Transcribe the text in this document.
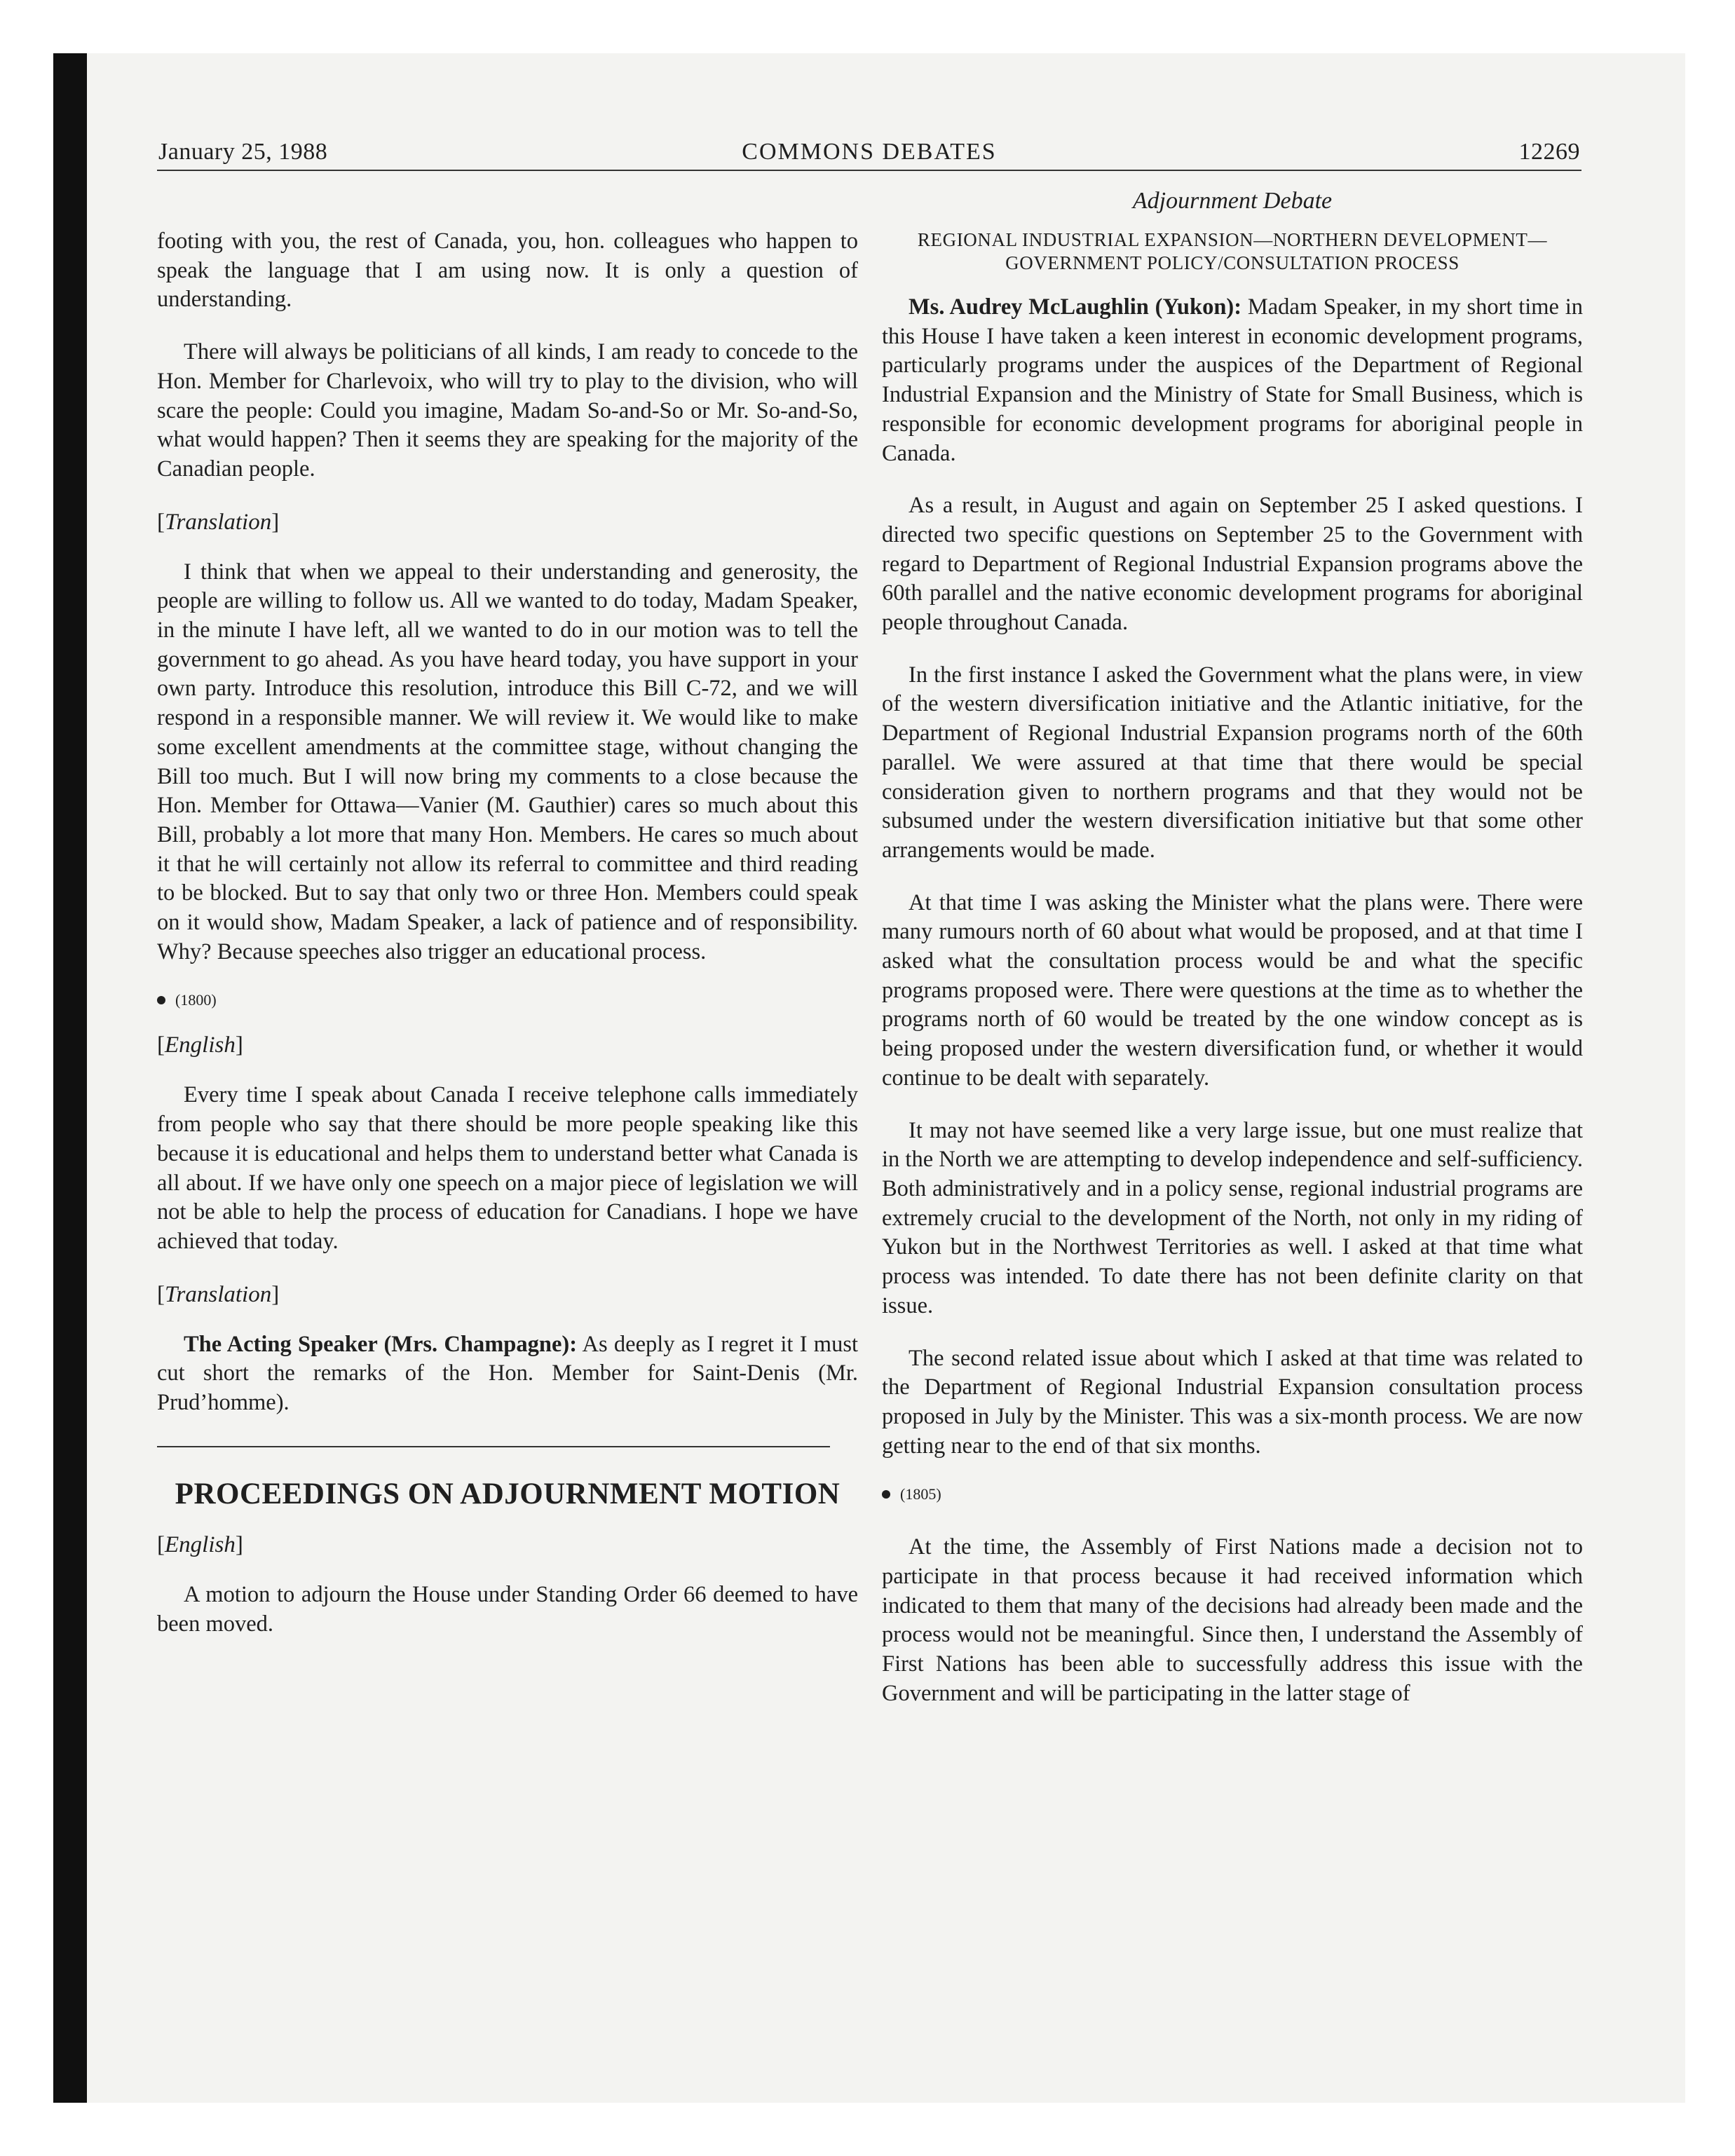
January 25, 1988	COMMONS DEBATES	12269

footing with you, the rest of Canada, you, hon. colleagues who happen to speak the language that I am using now. It is only a question of understanding.

There will always be politicians of all kinds, I am ready to concede to the Hon. Member for Charlevoix, who will try to play to the division, who will scare the people: Could you imagine, Madam So-and-So or Mr. So-and-So, what would happen? Then it seems they are speaking for the majority of the Canadian people.

[Translation]

I think that when we appeal to their understanding and generosity, the people are willing to follow us. All we wanted to do today, Madam Speaker, in the minute I have left, all we wanted to do in our motion was to tell the government to go ahead. As you have heard today, you have support in your own party. Introduce this resolution, introduce this Bill C-72, and we will respond in a responsible manner. We will review it. We would like to make some excellent amendments at the committee stage, without changing the Bill too much. But I will now bring my comments to a close because the Hon. Member for Ottawa—Vanier (M. Gauthier) cares so much about this Bill, probably a lot more that many Hon. Members. He cares so much about it that he will certainly not allow its referral to committee and third reading to be blocked. But to say that only two or three Hon. Members could speak on it would show, Madam Speaker, a lack of patience and of responsibility. Why? Because speeches also trigger an educational process.

(1800)
[English]

Every time I speak about Canada I receive telephone calls immediately from people who say that there should be more people speaking like this because it is educational and helps them to understand better what Canada is all about. If we have only one speech on a major piece of legislation we will not be able to help the process of education for Canadians. I hope we have achieved that today.

[Translation]

The Acting Speaker (Mrs. Champagne): As deeply as I regret it I must cut short the remarks of the Hon. Member for Saint-Denis (Mr. Prud’homme).

PROCEEDINGS ON ADJOURNMENT MOTION
[English]

A motion to adjourn the House under Standing Order 66 deemed to have been moved.

Adjournment Debate
REGIONAL INDUSTRIAL EXPANSION—NORTHERN DEVELOPMENT—GOVERNMENT POLICY/CONSULTATION PROCESS

Ms. Audrey McLaughlin (Yukon): Madam Speaker, in my short time in this House I have taken a keen interest in economic development programs, particularly programs under the auspices of the Department of Regional Industrial Expansion and the Ministry of State for Small Business, which is responsible for economic development programs for aboriginal people in Canada.

As a result, in August and again on September 25 I asked questions. I directed two specific questions on September 25 to the Government with regard to Department of Regional Industrial Expansion programs above the 60th parallel and the native economic development programs for aboriginal people throughout Canada.

In the first instance I asked the Government what the plans were, in view of the western diversification initiative and the Atlantic initiative, for the Department of Regional Industrial Expansion programs north of the 60th parallel. We were assured at that time that there would be special consideration given to northern programs and that they would not be subsumed under the western diversification initiative but that some other arrangements would be made.

At that time I was asking the Minister what the plans were. There were many rumours north of 60 about what would be proposed, and at that time I asked what the consultation process would be and what the specific programs proposed were. There were questions at the time as to whether the programs north of 60 would be treated by the one window concept as is being proposed under the western diversification fund, or whether it would continue to be dealt with separately.

It may not have seemed like a very large issue, but one must realize that in the North we are attempting to develop independence and self-sufficiency. Both administratively and in a policy sense, regional industrial programs are extremely crucial to the development of the North, not only in my riding of Yukon but in the Northwest Territories as well. I asked at that time what process was intended. To date there has not been definite clarity on that issue.

The second related issue about which I asked at that time was related to the Department of Regional Industrial Expansion consultation process proposed in July by the Minister. This was a six-month process. We are now getting near to the end of that six months.

(1805)

At the time, the Assembly of First Nations made a decision not to participate in that process because it had received information which indicated to them that many of the decisions had already been made and the process would not be meaningful. Since then, I understand the Assembly of First Nations has been able to successfully address this issue with the Government and will be participating in the latter stage of
